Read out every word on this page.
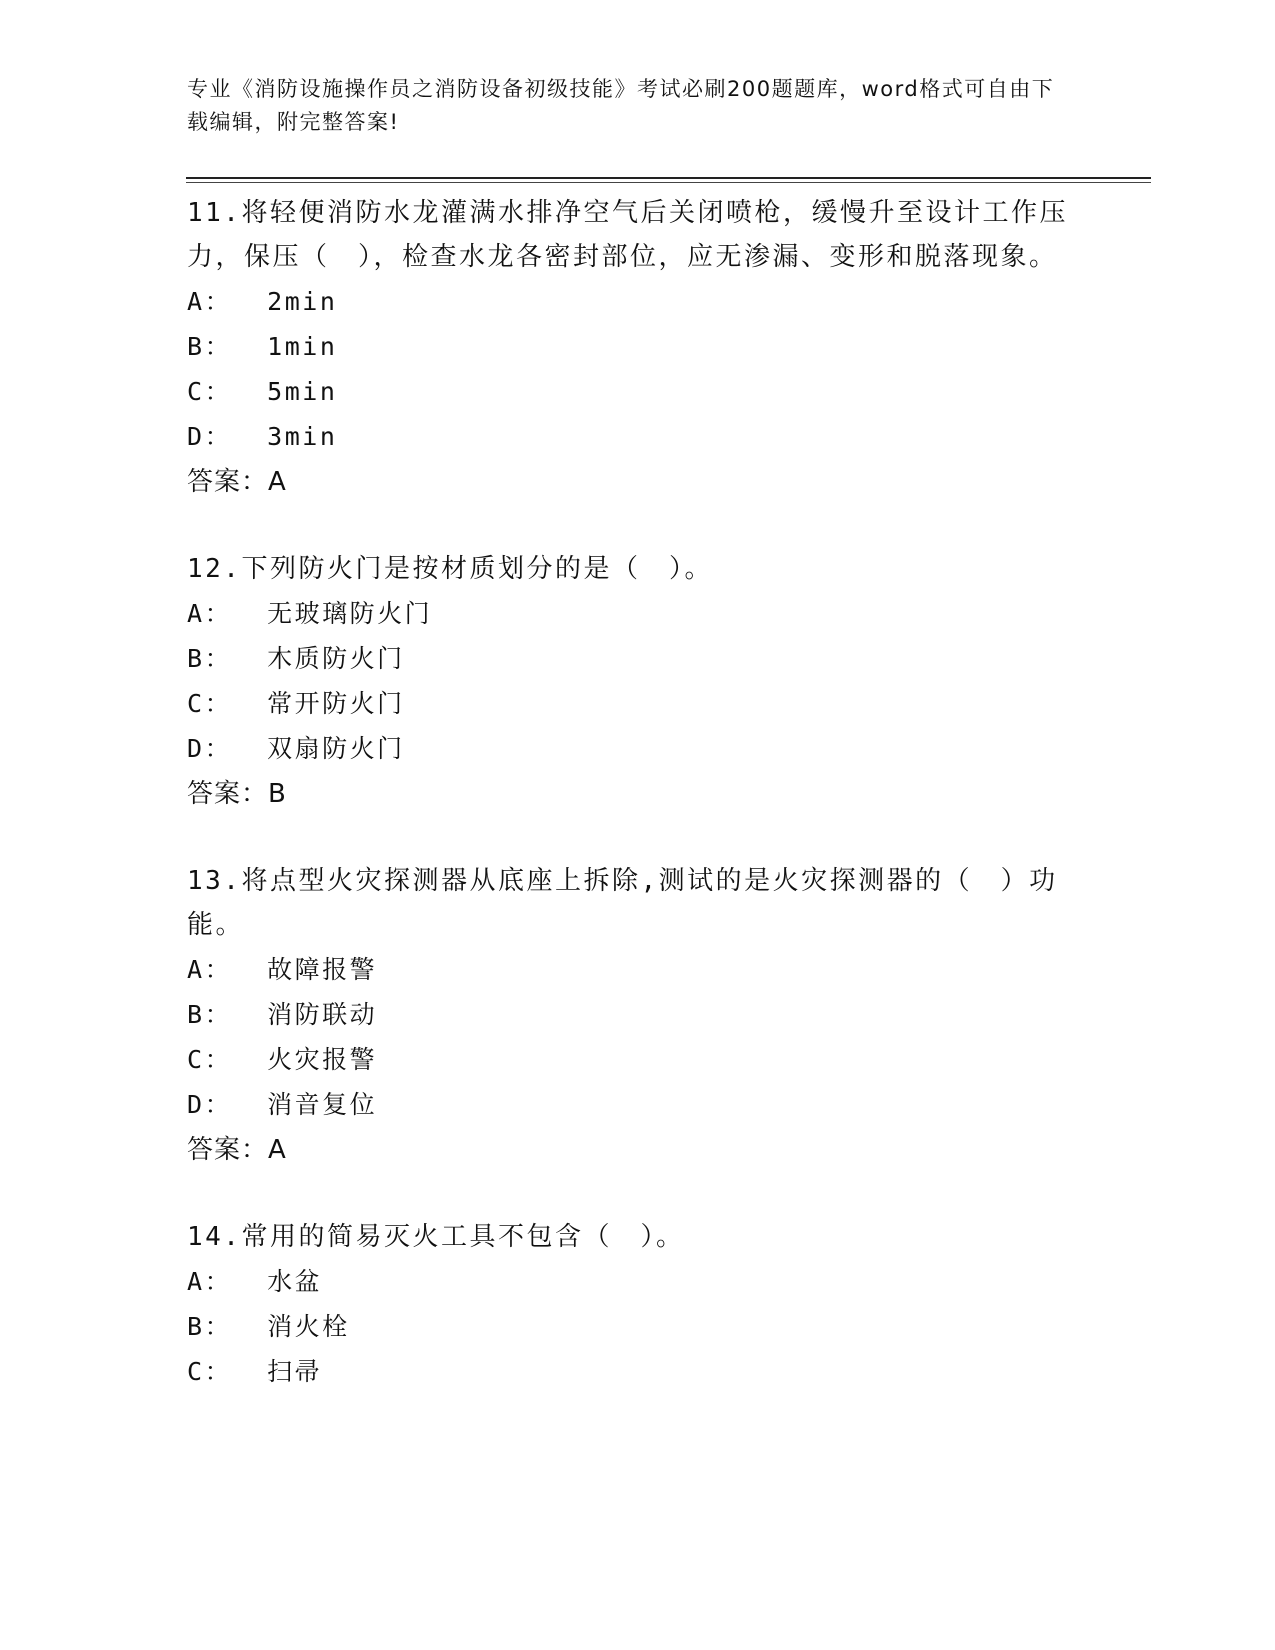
专业《消防设施操作员之消防设备初级技能》考试必刷200题题库，word格式可自由下载编辑，附完整答案!

11.将轻便消防水龙灌满水排净空气后关闭喷枪，缓慢升至设计工作压力，保压（　），检查水龙各密封部位，应无渗漏、变形和脱落现象。

A：  2min

B：  1min

C：  5min

D：  3min

答案：A

12.下列防火门是按材质划分的是（　）。

A：  无玻璃防火门

B：  木质防火门

C：  常开防火门

D：  双扇防火门

答案：B

13.将点型火灾探测器从底座上拆除,测试的是火灾探测器的（　）功能。

A：  故障报警

B：  消防联动

C：  火灾报警

D：  消音复位

答案：A

14.常用的简易灭火工具不包含（　）。

A：  水盆

B：  消火栓

C：  扫帚
